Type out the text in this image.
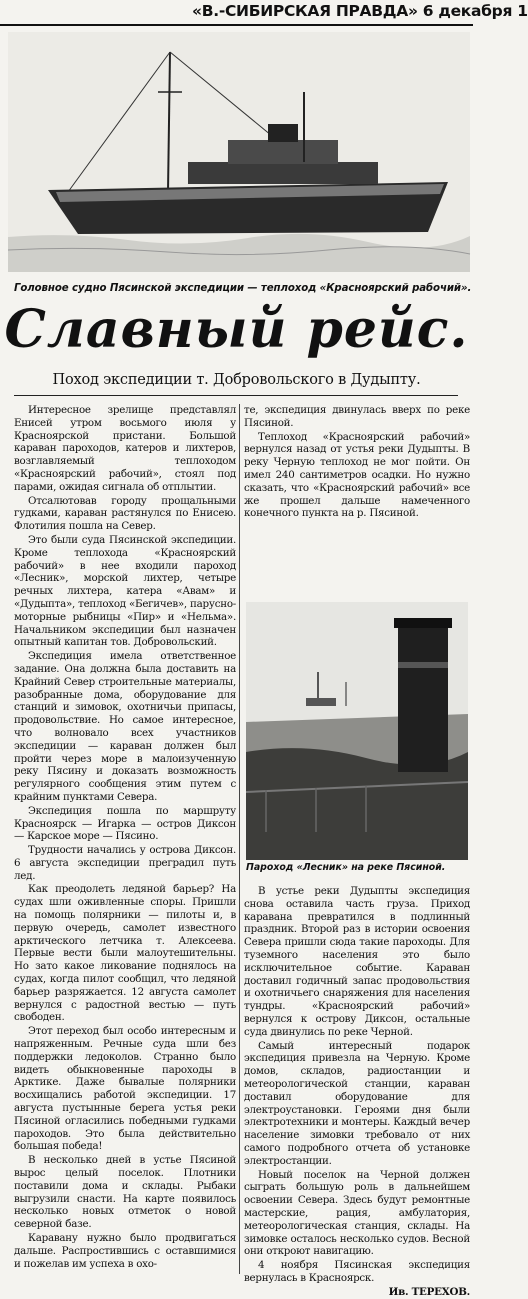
«В.-СИБИРСКАЯ ПРАВДА» 6 декабря 1
Головное судно Пясинской экспедиции — теплоход «Красноярский рабочий».
Славный рейс.
Поход экспедиции т. Добровольского в Дудыпту.

Интересное зрелище представлял Енисей утром восьмого июля у Красноярской пристани. Большой караван пароходов, катеров и лихтеров, возглавляемый теплоходом «Красноярский рабочий», стоял под парами, ожидая сигнала об отплытии.

Отсалютовав городу прощальными гудками, караван растянулся по Енисею. Флотилия пошла на Север.

Это были суда Пясинской экспедиции. Кроме теплохода «Красноярский рабочий» в нее входили пароход «Лесник», морской лихтер, четыре речных лихтера, катера «Авам» и «Дудыпта», теплоход «Бегичев», парусно-моторные рыбницы «Пир» и «Нельма». Начальником экспедиции был назначен опытный капитан тов. Добровольский.

Экспедиция имела ответственное задание. Она должна была доставить на Крайний Север строительные материалы, разобранные дома, оборудование для станций и зимовок, охотничьи припасы, продовольствие. Но самое интересное, что волновало всех участников экспедиции — караван должен был пройти через море в малоизученную реку Пясину и доказать возможность регулярного сообщения этим путем с крайним пунктами Севера.

Экспедиция пошла по маршруту Красноярск — Игарка — остров Диксон — Карское море — Пясино.

Трудности начались у острова Диксон. 6 августа экспедиции преградил путь лед.

Как преодолеть ледяной барьер? На судах шли оживленные споры. Пришли на помощь полярники — пилоты и, в первую очередь, самолет известного арктического летчика т. Алексеева. Первые вести были малоутешительны. Но зато какое ликование поднялось на судах, когда пилот сообщил, что ледяной барьер разряжается. 12 августа самолет вернулся с радостной вестью — путь свободен.

Этот переход был особо интересным и напряженным. Речные суда шли без поддержки ледоколов. Странно было видеть обыкновенные пароходы в Арктике. Даже бывалые полярники восхищались работой экспедиции. 17 августа пустынные берега устья реки Пясиной огласились победными гудками пароходов. Это была действительно большая победа!

В несколько дней в устье Пясиной вырос целый поселок. Плотники поставили дома и склады. Рыбаки выгрузили снасти. На карте появилось несколько новых отметок о новой северной базе.

Каравану нужно было продвигаться дальше. Распростившись с оставшимися и пожелав им успеха в охо-

те, экспедиция двинулась вверх по реке Пясиной.

Теплоход «Красноярский рабочий» вернулся назад от устья реки Дудыпты. В реку Черную теплоход не мог пойти. Он имел 240 сантиметров осадки. Но нужно сказать, что «Красноярский рабочий» все же прошел дальше намеченного конечного пункта на р. Пясиной.

Пароход «Лесник» на реке Пясиной.

В устье реки Дудыпты экспедиция снова оставила часть груза. Приход каравана превратился в подлинный праздник. Второй раз в истории освоения Севера пришли сюда такие пароходы. Для туземного населения это было исключительное событие. Караван доставил годичный запас продовольствия и охотничьего снаряжения для населения тундры. «Красноярский рабочий» вернулся к острову Диксон, остальные суда двинулись по реке Черной.

Самый интересный подарок экспедиция привезла на Черную. Кроме домов, складов, радиостанции и метеорологической станции, караван доставил оборудование для электроустановки. Героями дня были электротехники и монтеры. Каждый вечер население зимовки требовало от них самого подробного отчета об установке электростанции.

Новый поселок на Черной должен сыграть большую роль в дальнейшем освоении Севера. Здесь будут ремонтные мастерские, рация, амбулатория, метеорологическая станция, склады. На зимовке осталось несколько судов. Весной они откроют навигацию.

4 ноября Пясинская экспедиция вернулась в Красноярск.

Ив. ТЕРЕХОВ.
